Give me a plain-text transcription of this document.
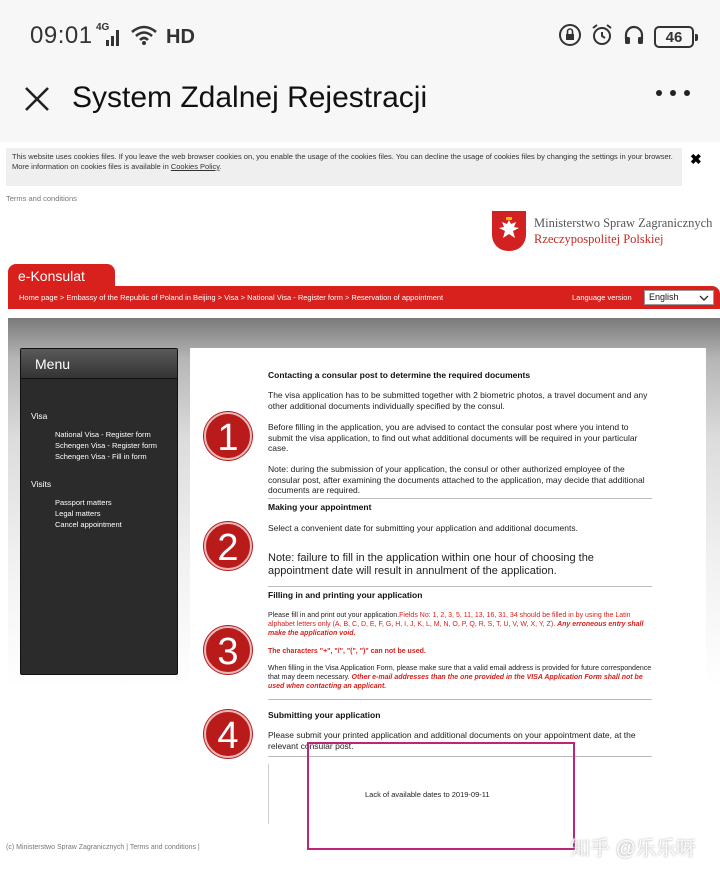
09:01 4G	HD	46
System Zdalnej Rejestracji
This website uses cookies files. If you leave the web browser cookies on, you enable the usage of the cookies files. You can decline the usage of cookies files by changing the settings in your browser. More information on cookies files is available in Cookies Policy.	✖
Terms and conditions
Ministerstwo Spraw Zagranicznych
Rzeczypospolitej Polskiej
e-Konsulat
Home page > Embassy of the Republic of Poland in Beijing > Visa > National Visa - Register form > Reservation of appointment	Language version	English
Menu
Visa
National Visa - Register form
Schengen Visa - Register form
Schengen Visa - Fill in form
Visits
Passport matters
Legal matters
Cancel appointment
Contacting a consular post to determine the required documents
The visa application has to be submitted together with 2 biometric photos, a travel document and any other additional documents individually specified by the consul.
1	Before filling in the application, you are advised to contact the consular post where you intend to submit the visa application, to find out what additional documents will be required in your particular case.
Note: during the submission of your application, the consul or other authorized employee of the consular post, after examining the documents attached to the application, may decide that additional documents are required.
Making your appointment
Select a convenient date for submitting your application and additional documents.
2	Note: failure to fill in the application within one hour of choosing the appointment date will result in annulment of the application.
Filling in and printing your application
Please fill in and print out your application.Fields No: 1, 2, 3, 5, 11, 13, 16, 31, 34 should be filled in by using the Latin alphabet letters only (A, B, C, D, E, F, G, H, I, J, K, L, M, N, O, P, Q, R, S, T, U, V, W, X, Y, Z). Any erroneous entry shall make the application void.
3	The characters "+", "/", "(", ")" can not be used.
When filling in the Visa Application Form, please make sure that a valid email address is provided for future correspondence that may deem necessary. Other e-mail addresses than the one provided in the VISA Application Form shall not be used when contacting an applicant.
Submitting your application
4	Please submit your printed application and additional documents on your appointment date, at the relevant consular post.
Lack of available dates to 2019-09-11
(c) Ministerstwo Spraw Zagranicznych | Terms and conditions |	知乎 @乐乐呀
